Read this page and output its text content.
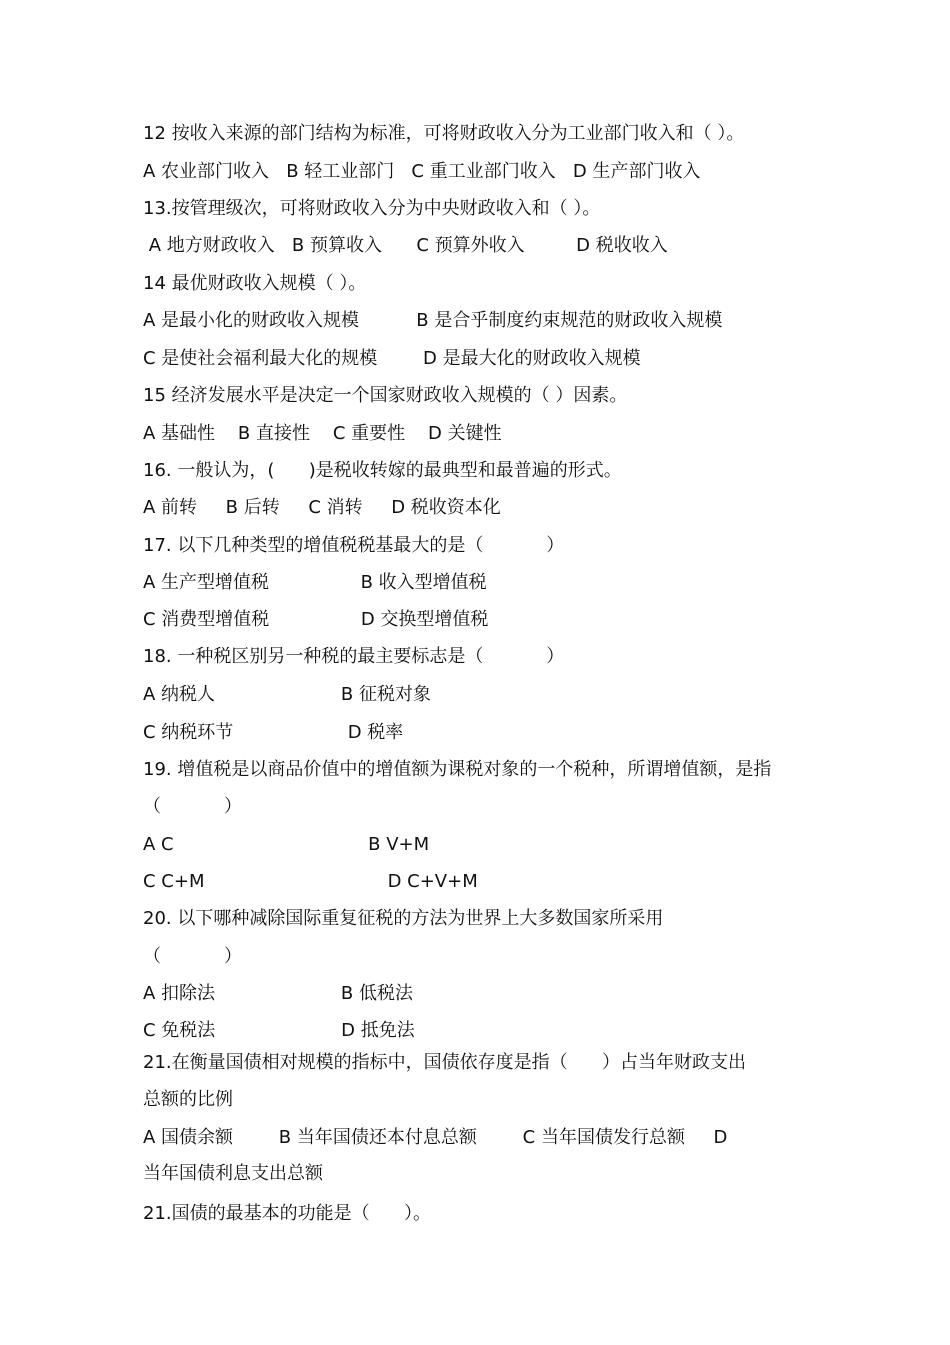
12 按收入来源的部门结构为标准，可将财政收入分为工业部门收入和（ ）。
A 农业部门收入   B 轻工业部门   C 重工业部门收入   D 生产部门收入
13.按管理级次，可将财政收入分为中央财政收入和（ ）。
A 地方财政收入   B 预算收入      C 预算外收入         D 税收收入
14 最优财政收入规模（ ）。
A 是最小化的财政收入规模          B 是合乎制度约束规范的财政收入规模
C 是使社会福利最大化的规模        D 是最大化的财政收入规模
15 经济发展水平是决定一个国家财政收入规模的（ ）因素。
A 基础性    B 直接性    C 重要性    D 关键性
16. 一般认为，(      )是税收转嫁的最典型和最普遍的形式。
A 前转     B 后转     C 消转     D 税收资本化
17. 以下几种类型的增值税税基最大的是（           ）
A 生产型增值税                B 收入型增值税
C 消费型增值税                D 交换型增值税
18. 一种税区别另一种税的最主要标志是（           ）
A 纳税人                      B 征税对象
C 纳税环节                    D 税率
19. 增值税是以商品价值中的增值额为课税对象的一个税种，所谓增值额，是指
（           ）
A C                                  B V+M
C C+M                                D C+V+M
20. 以下哪种减除国际重复征税的方法为世界上大多数国家所采用
（           ）
A 扣除法                      B 低税法
C 免税法                      D 抵免法
21.在衡量国债相对规模的指标中，国债依存度是指（      ）占当年财政支出
总额的比例
A 国债余额        B 当年国债还本付息总额        C 当年国债发行总额     D
当年国债利息支出总额
21.国债的最基本的功能是（      ）。
